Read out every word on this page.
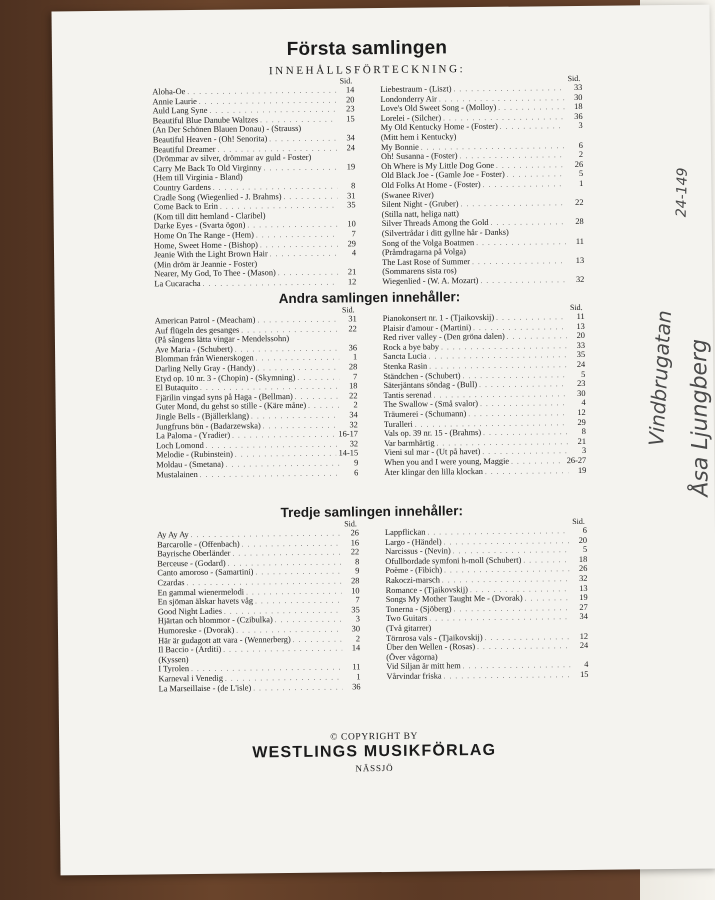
Första samlingen
INNEHÅLLSFÖRTECKNING:
Sid.
Aloha-Oe . . .	14
Annie Laurie . . .	20
Auld Lang Syne . . .	23
Beautiful Blue Danube Waltzes . . .	15
(An Der Schönen Blauen Donau) - (Strauss)
Beautiful Heaven - (Oh! Senorita) . . .	34
Beautiful Dreamer . . .	24
(Drömmar av silver, drömmar av guld - Foster)
Carry Me Back To Old Virginny . . .	19
(Hem till Virginia - Bland)
Country Gardens . . .	8
Cradle Song (Wiegenlied - J. Brahms) . . .	31
Come Back to Erin . . .	35
(Kom till ditt hemland - Claribel)
Darke Eyes - (Svarta ögon) . . .	10
Home On The Range - (Hem) . . .	7
Home, Sweet Home - (Bishop) . . .	29
Jeanie With the Light Brown Hair . . .	4
(Min dröm är Jeannie - Foster)
Nearer, My God, To Thee - (Mason) . . .	21
La Cucaracha . . .	12
Sid.
Liebestraum - (Liszt) . . .	33
Londonderry Air . . .	30
Love's Old Sweet Song - (Molloy) . . .	18
Lorelei - (Silcher) . . .	36
My Old Kentucky Home - (Foster) . . .	3
(Mitt hem i Kentucky)
My Bonnie . . .	6
Oh! Susanna - (Foster) . . .	2
Oh Where is My Little Dog Gone . . .	26
Old Black Joe - (Gamle Joe - Foster) . . .	5
Old Folks At Home - (Foster) . . .	1
(Swanee River)
Silent Night - (Gruber) . . .	22
(Stilla natt, heliga natt)
Silver Threads Among the Gold . . .	28
(Silvertrådar i ditt gyllne hår - Danks)
Song of the Volga Boatmen . . .	11
(Pråmdragarna på Volga)
The Last Rose of Summer . . .	13
(Sommarens sista ros)
Wiegenlied - (W. A. Mozart) . . .	32
Andra samlingen innehåller:
Sid.
American Patrol - (Meacham) . . .	31
Auf flügeln des gesanges . . .	22
(På sångens lätta vingar - Mendelssohn)
Ave Maria - (Schubert) . . .	36
Blomman från Wienerskogen . . .	1
Darling Nelly Gray - (Handy) . . .	28
Etyd op. 10 nr. 3 - (Chopin) - (Skymning) . . .	7
El Butaquito . . .	18
Fjärilin vingad syns på Haga - (Bellman) . . .	22
Guter Mond, du gehst so stille - (Käre måne) . . .	2
Jingle Bells - (Bjällerklang) . . .	34
Jungfruns bön - (Badarzewska) . . .	32
La Paloma - (Yradier) . . .	16-17
Loch Lomond . . .	32
Melodie - (Rubinstein) . . .	14-15
Moldau - (Smetana) . . .	9
Mustalainen . . .	6
Sid.
Pianokonsert nr. 1 - (Tjaikovskij) . . .	11
Plaisir d'amour - (Martini) . . .	13
Red river valley - (Den gröna dalen) . . .	20
Rock a bye baby . . .	33
Sancta Lucia . . .	35
Stenka Rasin . . .	24
Ständchen - (Schubert) . . .	5
Säterjäntans söndag - (Bull) . . .	23
Tantis serenad . . .	30
The Swallow - (Små svalor) . . .	4
Träumerei - (Schumann) . . .	12
Turalleri . . .	29
Vals op. 39 nr. 15 - (Brahms) . . .	8
Var barmhärtig . . .	21
Vieni sul mar - (Ut på havet) . . .	3
When you and I were young, Maggie . . .	26-27
Åter klingar den lilla klockan . . .	19
Tredje samlingen innehåller:
Sid.
Ay Ay Ay . . .	26
Barcarolle - (Offenbach) . . .	16
Bayrische Oberländer . . .	22
Berceuse - (Godard) . . .	8
Canto amoroso - (Samartini) . . .	9
Czardas . . .	28
En gammal wienermelodi . . .	10
En sjöman älskar havets våg . . .	7
Good Night Ladies . . .	35
Hjärtan och blommor - (Czibulka) . . .	3
Humoreske - (Dvorak) . . .	30
Här är gudagott att vara - (Wennerberg) . . .	2
Il Baccio - (Arditi) . . .	14
(Kyssen)
I Tyrolen . . .	11
Karneval i Venedig . . .	1
La Marseillaise - (de L'isle) . . .	36
Sid.
Lappflickan . . .	6
Largo - (Händel) . . .	20
Narcissus - (Nevin) . . .	5
Ofullbordade symfoni h-moll (Schubert) . . .	18
Poème - (Fibich) . . .	26
Rakoczi-marsch . . .	32
Romance - (Tjaikovskij) . . .	13
Songs My Mother Taught Me - (Dvorak) . . .	19
Tonerna - (Sjöberg) . . .	27
Two Guitars . . .	34
(Två gitarrer)
Törnrosa vals - (Tjaikovskij) . . .	12
Über den Wellen - (Rosas) . . .	24
(Över vågorna)
Vid Siljan är mitt hem . . .	4
Vårvindar friska . . .	15
© COPYRIGHT BY
WESTLINGS MUSIKFÖRLAG
NÄSSJÖ
Åsa Ljungberg
Vindbrugatan
24-149
